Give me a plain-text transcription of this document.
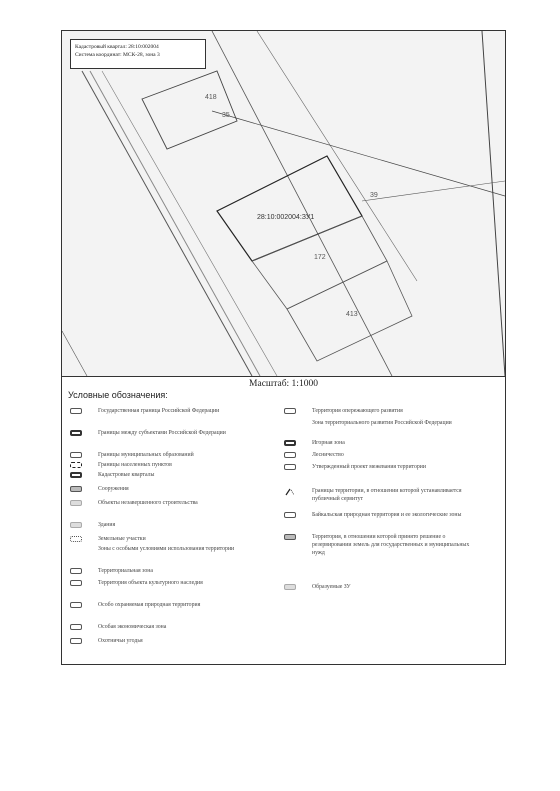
418
35
28:10:002004:ЗУ1
39
172
413
Кадастровый квартал: 28:10:002004
Система координат: МСК-28, зона 3
Масштаб: 1:1000
Условные обозначения:
Государственная граница Российской Федерации
Границы между субъектами Российской Федерации
Границы муниципальных образований
Границы населенных пунктов
Кадастровые кварталы
Сооружения
Объекты незавершенного строительства
Здания
Земельные участки
Зоны с особыми условиями использования территории
Территориальная зона
Территория объекта культурного наследия
Особо охраняемая природная территория
Особая экономическая зона
Охотничьи угодья
Территория опережающего развития
Зона территориального развития Российской Федерации
Игорная зона
Лесничество
Утвержденный проект межевания территории
Границы территории, в отношении которой устанавливается публичный сервитут
Байкальская природная территория и ее экологические зоны
Территория, в отношении которой принято решение о резервировании земель для государственных и муниципальных нужд
Образуемые ЗУ
